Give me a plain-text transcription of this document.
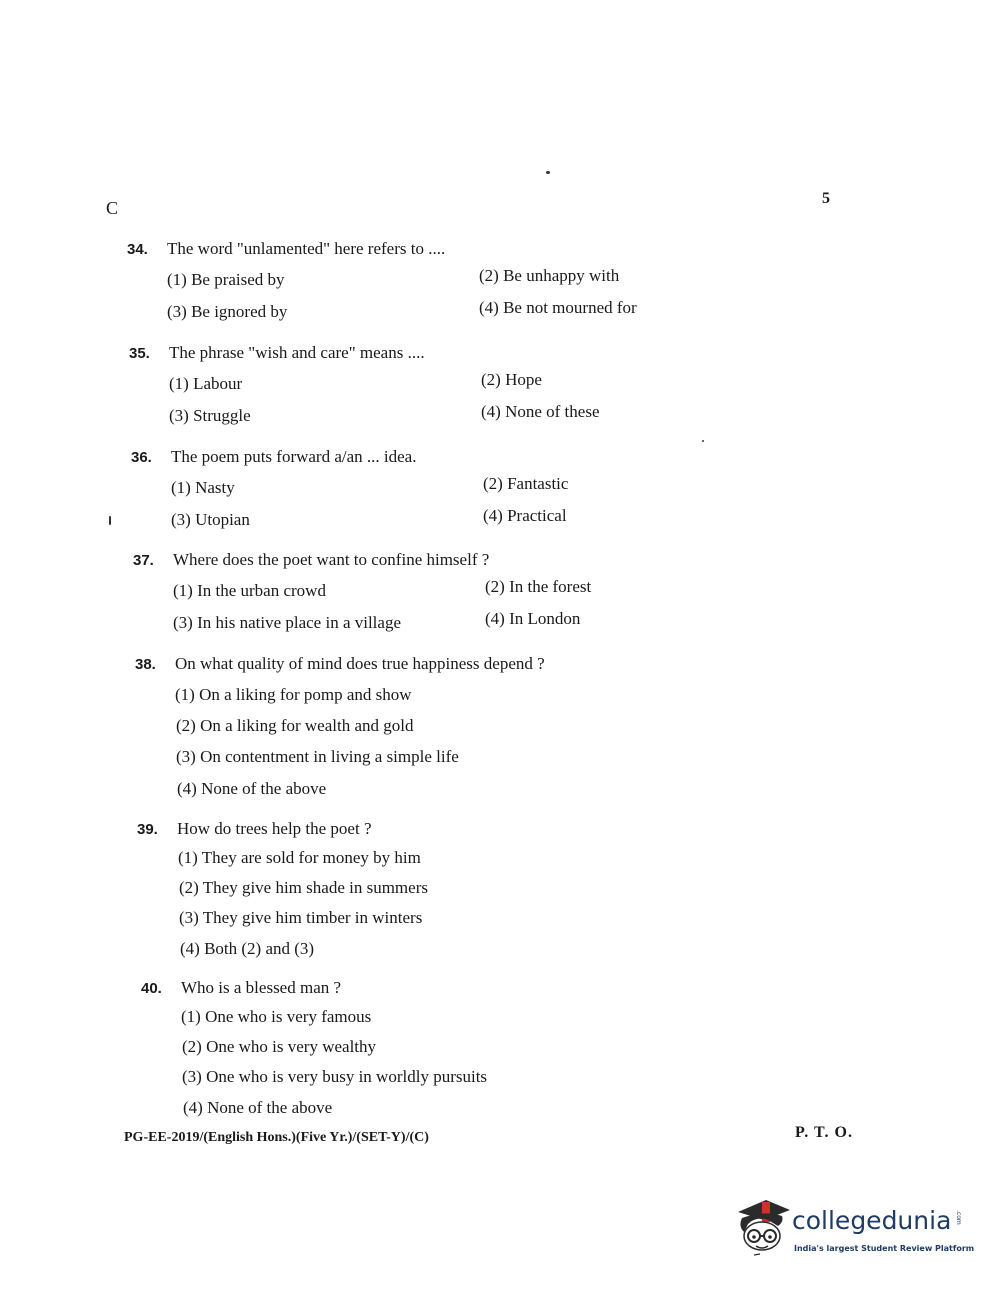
C	5
34. The word "unlamented" here refers to ....
(1) Be praised by	(2) Be unhappy with
(3) Be ignored by	(4) Be not mourned for
35. The phrase "wish and care" means ....
(1) Labour	(2) Hope
(3) Struggle	(4) None of these
36. The poem puts forward a/an ... idea.
(1) Nasty	(2) Fantastic
(3) Utopian	(4) Practical
37. Where does the poet want to confine himself ?
(1) In the urban crowd	(2) In the forest
(3) In his native place in a village	(4) In London
38. On what quality of mind does true happiness depend ?
(1) On a liking for pomp and show
(2) On a liking for wealth and gold
(3) On contentment in living a simple life
(4) None of the above
39. How do trees help the poet ?
(1) They are sold for money by him
(2) They give him shade in summers
(3) They give him timber in winters
(4) Both (2) and (3)
40. Who is a blessed man ?
(1) One who is very famous
(2) One who is very wealthy
(3) One who is very busy in worldly pursuits
(4) None of the above
PG-EE-2019/(English Hons.)(Five Yr.)/(SET-Y)/(C)	P. T. O.
collegedunia .com
India's largest Student Review Platform
